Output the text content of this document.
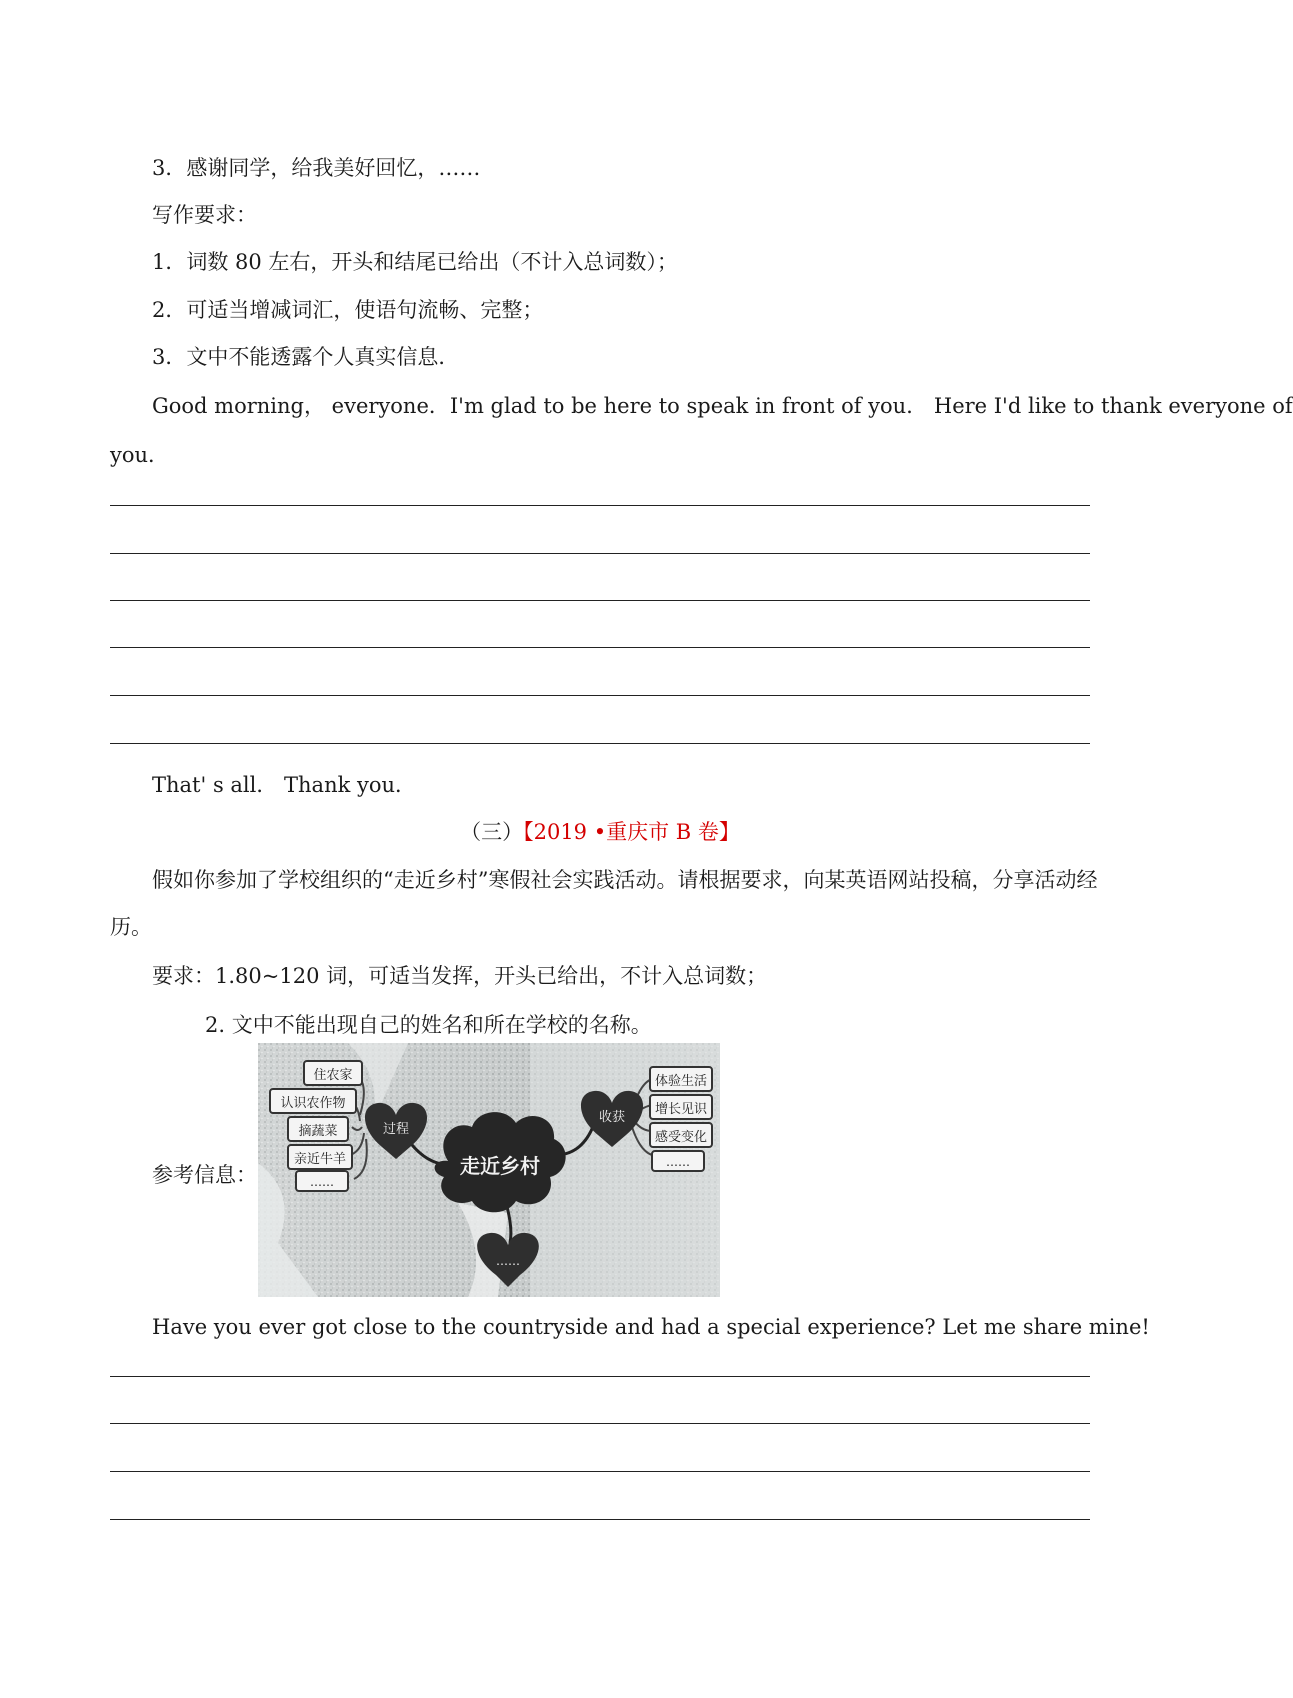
3．感谢同学，给我美好回忆，……
写作要求：
1．词数 80 左右，开头和结尾已给出（不计入总词数）；
2．可适当增减词汇，使语句流畅、完整；
3．文中不能透露个人真实信息．
Good morning， everyone． I'm glad to be here to speak in front of you． Here I'd like to thank everyone of
you．
That' s all． Thank you．
（三）【2019 •重庆市 B 卷】
假如你参加了学校组织的“走近乡村”寒假社会实践活动。请根据要求，向某英语网站投稿，分享活动经
历。
要求：1.80~120 词，可适当发挥，开头已给出，不计入总词数；
2. 文中不能出现自己的姓名和所在学校的名称。
参考信息：
住农家
认识农作物
摘蔬菜
亲近牛羊
……
体验生活
增长见识
感受变化
……
过程
收获
走近乡村
……
Have you ever got close to the countryside and had a special experience? Let me share mine!
